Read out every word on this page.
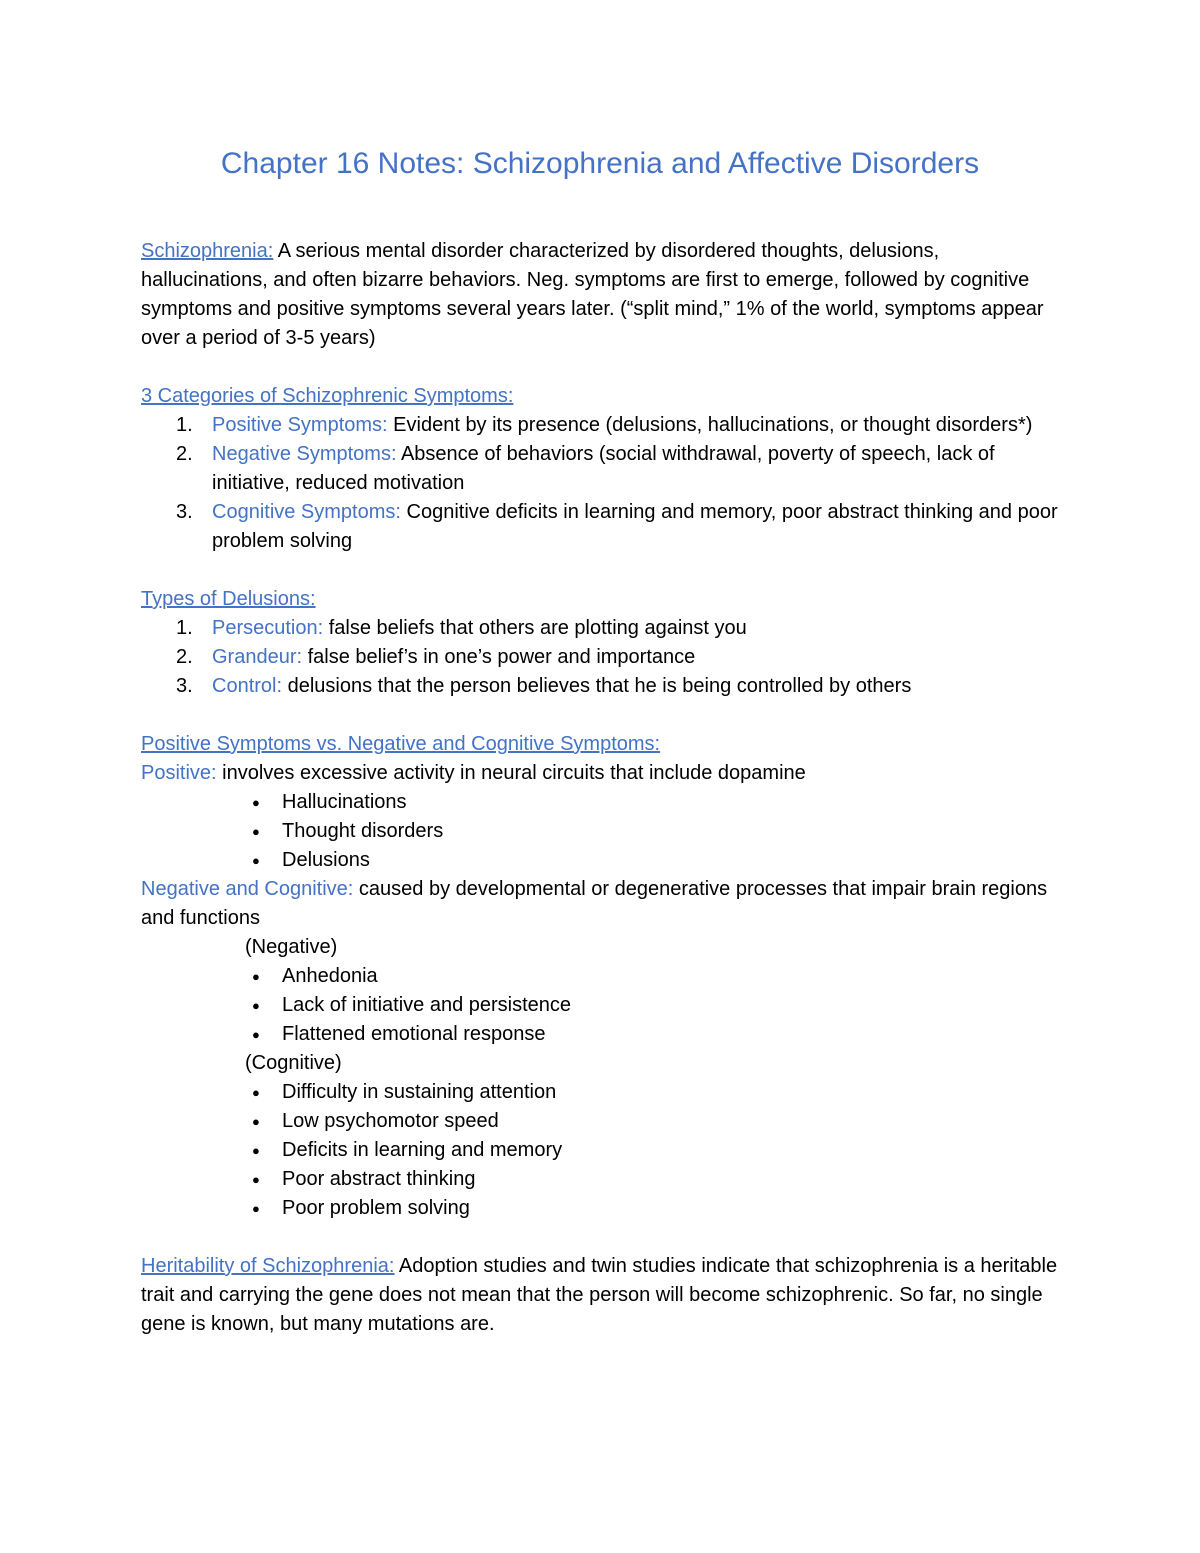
Chapter 16 Notes: Schizophrenia and Affective Disorders

Schizophrenia: A serious mental disorder characterized by disordered thoughts, delusions, hallucinations, and often bizarre behaviors. Neg. symptoms are first to emerge, followed by cognitive symptoms and positive symptoms several years later. (“split mind,” 1% of the world, symptoms appear over a period of 3-5 years)

3 Categories of Schizophrenic Symptoms:
Positive Symptoms: Evident by its presence (delusions, hallucinations, or thought disorders*)
Negative Symptoms: Absence of behaviors (social withdrawal, poverty of speech, lack of initiative, reduced motivation
Cognitive Symptoms: Cognitive deficits in learning and memory, poor abstract thinking and poor problem solving
Types of Delusions:
Persecution: false beliefs that others are plotting against you
Grandeur: false belief’s in one’s power and importance
Control: delusions that the person believes that he is being controlled by others
Positive Symptoms vs. Negative and Cognitive Symptoms:

Positive: involves excessive activity in neural circuits that include dopamine

● Hallucinations
● Thought disorders
● Delusions

Negative and Cognitive: caused by developmental or degenerative processes that impair brain regions and functions

(Negative)
● Anhedonia
● Lack of initiative and persistence
● Flattened emotional response
(Cognitive)
● Difficulty in sustaining attention
● Low psychomotor speed
● Deficits in learning and memory
● Poor abstract thinking
● Poor problem solving

Heritability of Schizophrenia: Adoption studies and twin studies indicate that schizophrenia is a heritable trait and carrying the gene does not mean that the person will become schizophrenic. So far, no single gene is known, but many mutations are.
